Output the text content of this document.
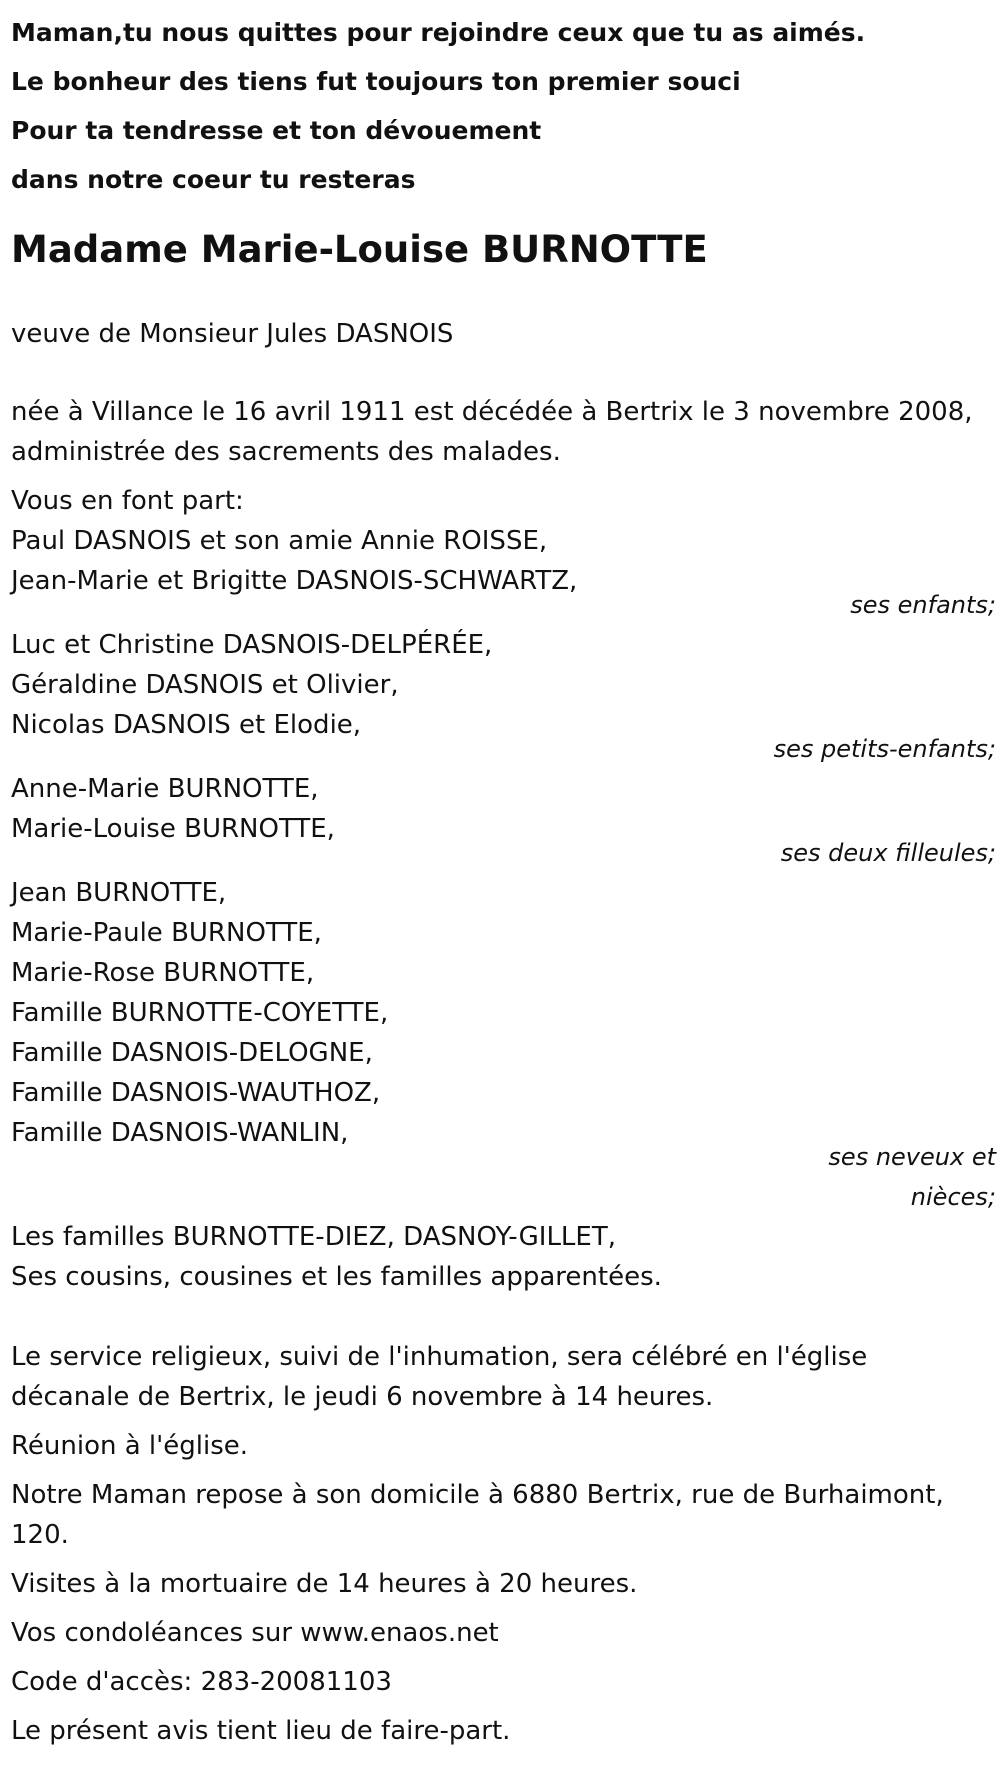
Maman,tu nous quittes pour rejoindre ceux que tu as aimés.

Le bonheur des tiens fut toujours ton premier souci

Pour ta tendresse et ton dévouement

dans notre coeur tu resteras

Madame Marie-Louise BURNOTTE

veuve de Monsieur Jules DASNOIS

née à Villance le 16 avril 1911 est décédée à Bertrix le 3 novembre 2008, administrée des sacrements des malades.

Vous en font part:

Paul DASNOIS et son amie Annie ROISSE,

Jean-Marie et Brigitte DASNOIS-SCHWARTZ,

ses enfants;

Luc et Christine DASNOIS-DELPÉRÉE,

Géraldine DASNOIS et Olivier,

Nicolas DASNOIS et Elodie,

ses petits-enfants;

Anne-Marie BURNOTTE,

Marie-Louise BURNOTTE,

ses deux filleules;

Jean BURNOTTE,

Marie-Paule BURNOTTE,

Marie-Rose BURNOTTE,

Famille BURNOTTE-COYETTE,

Famille DASNOIS-DELOGNE,

Famille DASNOIS-WAUTHOZ,

Famille DASNOIS-WANLIN,

ses neveux et nièces;

Les familles BURNOTTE-DIEZ, DASNOY-GILLET,

Ses cousins, cousines et les familles apparentées.

Le service religieux, suivi de l'inhumation, sera célébré en l'église décanale de Bertrix, le jeudi 6 novembre à 14 heures.

Réunion à l'église.

Notre Maman repose à son domicile à 6880 Bertrix, rue de Burhaimont, 120.

Visites à la mortuaire de 14 heures à 20 heures.

Vos condoléances sur www.enaos.net

Code d'accès: 283-20081103

Le présent avis tient lieu de faire-part.
